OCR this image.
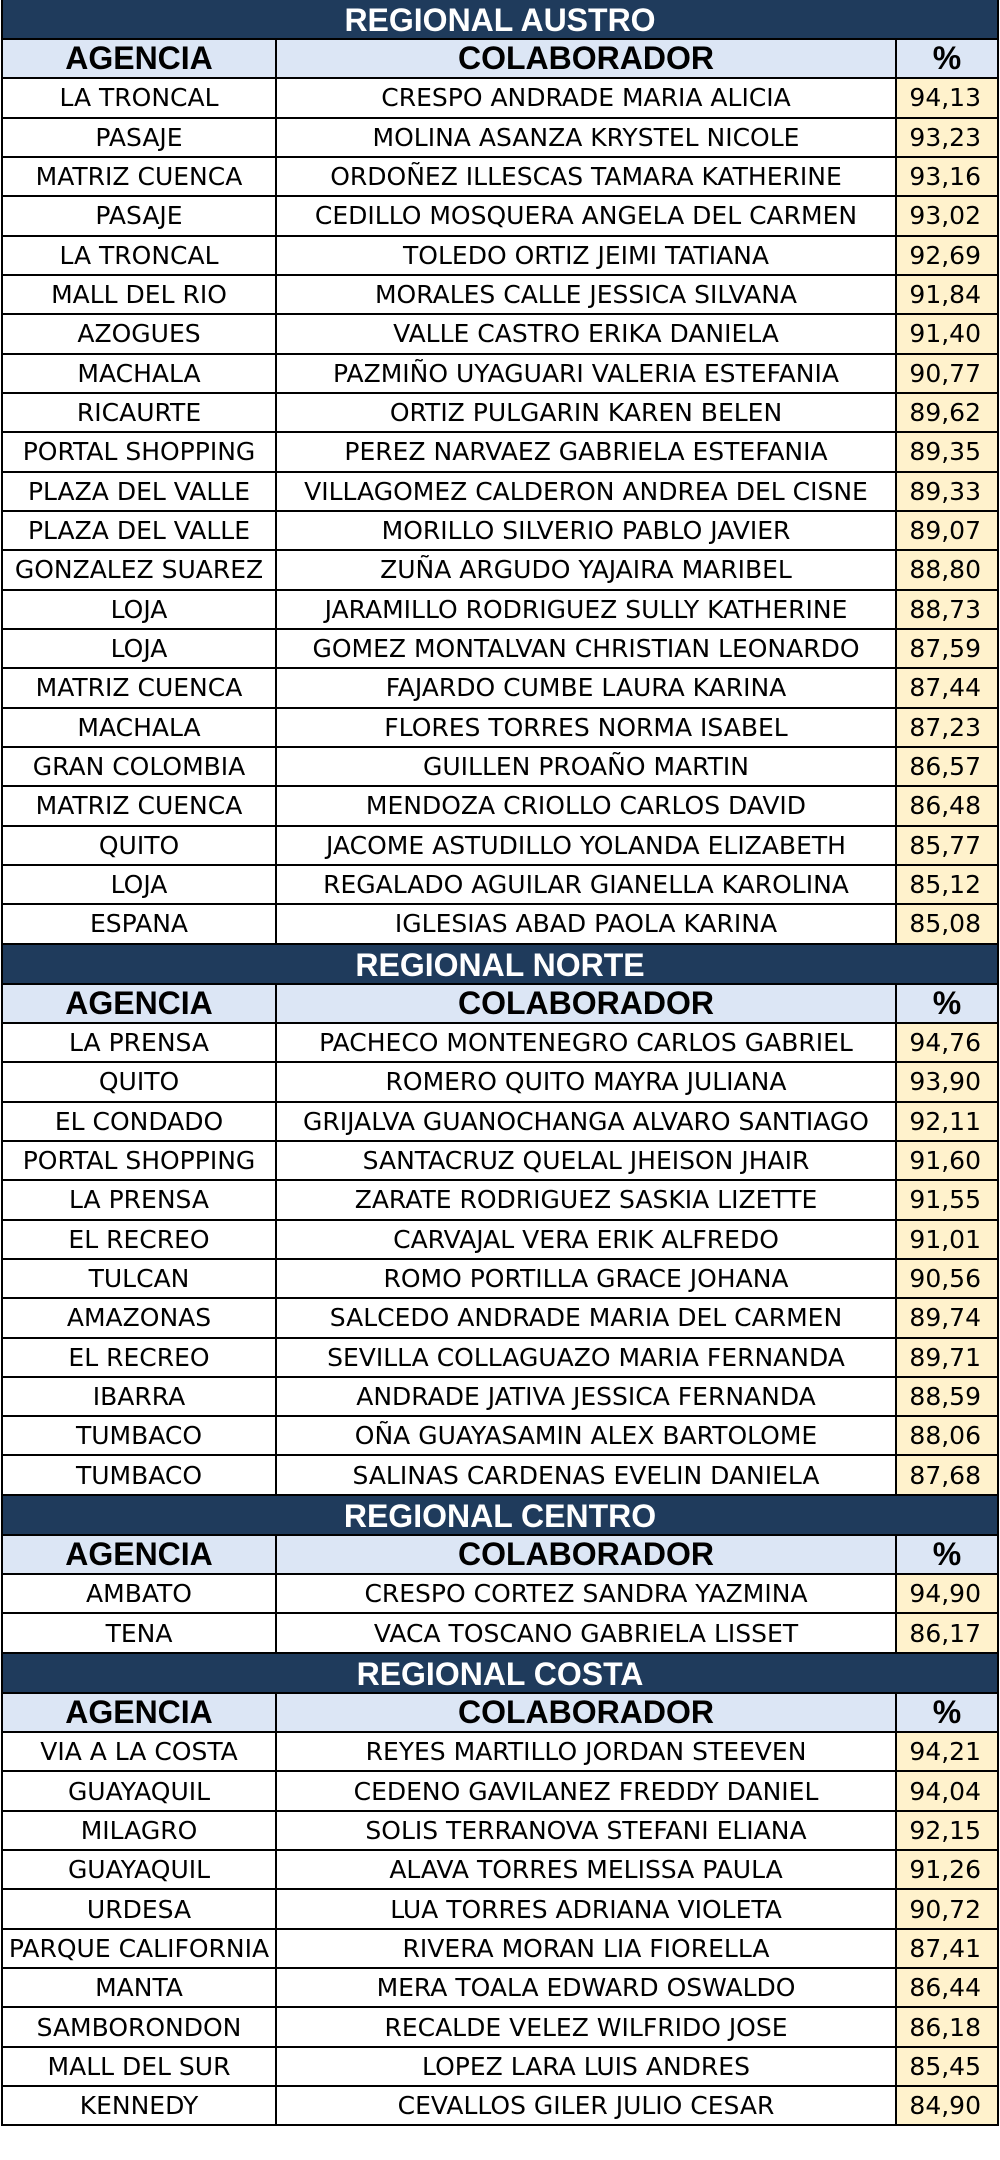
REGIONAL AUSTRO
AGENCIA	COLABORADOR	%
LA TRONCAL	CRESPO ANDRADE MARIA ALICIA	94,13
PASAJE	MOLINA ASANZA KRYSTEL NICOLE	93,23
MATRIZ CUENCA	ORDOÑEZ ILLESCAS TAMARA KATHERINE	93,16
PASAJE	CEDILLO MOSQUERA ANGELA DEL CARMEN	93,02
LA TRONCAL	TOLEDO ORTIZ JEIMI TATIANA	92,69
MALL DEL RIO	MORALES CALLE JESSICA SILVANA	91,84
AZOGUES	VALLE CASTRO ERIKA DANIELA	91,40
MACHALA	PAZMIÑO UYAGUARI VALERIA ESTEFANIA	90,77
RICAURTE	ORTIZ PULGARIN KAREN BELEN	89,62
PORTAL SHOPPING	PEREZ NARVAEZ GABRIELA ESTEFANIA	89,35
PLAZA DEL VALLE	VILLAGOMEZ CALDERON ANDREA DEL CISNE	89,33
PLAZA DEL VALLE	MORILLO SILVERIO PABLO JAVIER	89,07
GONZALEZ SUAREZ	ZUÑA ARGUDO YAJAIRA MARIBEL	88,80
LOJA	JARAMILLO RODRIGUEZ SULLY KATHERINE	88,73
LOJA	GOMEZ MONTALVAN CHRISTIAN LEONARDO	87,59
MATRIZ CUENCA	FAJARDO CUMBE LAURA KARINA	87,44
MACHALA	FLORES TORRES NORMA ISABEL	87,23
GRAN COLOMBIA	GUILLEN PROAÑO MARTIN	86,57
MATRIZ CUENCA	MENDOZA CRIOLLO CARLOS DAVID	86,48
QUITO	JACOME ASTUDILLO YOLANDA ELIZABETH	85,77
LOJA	REGALADO AGUILAR GIANELLA KAROLINA	85,12
ESPANA	IGLESIAS ABAD PAOLA KARINA	85,08
REGIONAL NORTE
AGENCIA	COLABORADOR	%
LA PRENSA	PACHECO MONTENEGRO CARLOS GABRIEL	94,76
QUITO	ROMERO QUITO MAYRA JULIANA	93,90
EL CONDADO	GRIJALVA GUANOCHANGA ALVARO SANTIAGO	92,11
PORTAL SHOPPING	SANTACRUZ QUELAL JHEISON JHAIR	91,60
LA PRENSA	ZARATE RODRIGUEZ SASKIA LIZETTE	91,55
EL RECREO	CARVAJAL VERA ERIK ALFREDO	91,01
TULCAN	ROMO PORTILLA GRACE JOHANA	90,56
AMAZONAS	SALCEDO ANDRADE MARIA DEL CARMEN	89,74
EL RECREO	SEVILLA COLLAGUAZO MARIA FERNANDA	89,71
IBARRA	ANDRADE JATIVA JESSICA FERNANDA	88,59
TUMBACO	OÑA GUAYASAMIN ALEX BARTOLOME	88,06
TUMBACO	SALINAS CARDENAS EVELIN DANIELA	87,68
REGIONAL CENTRO
AGENCIA	COLABORADOR	%
AMBATO	CRESPO CORTEZ SANDRA YAZMINA	94,90
TENA	VACA TOSCANO GABRIELA LISSET	86,17
REGIONAL COSTA
AGENCIA	COLABORADOR	%
VIA A LA COSTA	REYES MARTILLO JORDAN STEEVEN	94,21
GUAYAQUIL	CEDENO GAVILANEZ FREDDY DANIEL	94,04
MILAGRO	SOLIS TERRANOVA STEFANI ELIANA	92,15
GUAYAQUIL	ALAVA TORRES MELISSA PAULA	91,26
URDESA	LUA TORRES ADRIANA VIOLETA	90,72
PARQUE CALIFORNIA	RIVERA MORAN LIA FIORELLA	87,41
MANTA	MERA TOALA EDWARD OSWALDO	86,44
SAMBORONDON	RECALDE VELEZ WILFRIDO JOSE	86,18
MALL DEL SUR	LOPEZ LARA LUIS ANDRES	85,45
KENNEDY	CEVALLOS GILER JULIO CESAR	84,90
